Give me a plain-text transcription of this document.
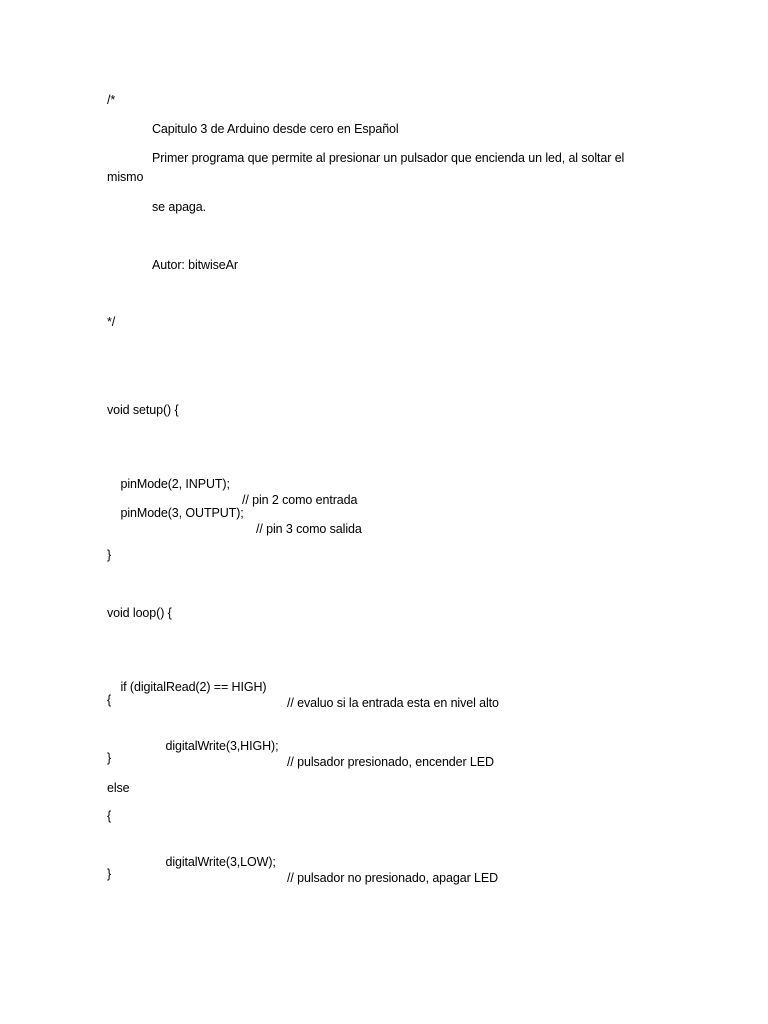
/*
Capitulo 3 de Arduino desde cero en Español
Primer programa que permite al presionar un pulsador que encienda un led, al soltar el mismo
se apaga.
Autor: bitwiseAr
*/
void setup() {

pinMode(2, INPUT);

// pin 2 como entrada

pinMode(3, OUTPUT);

// pin 3 como salida

}
void loop() {

if (digitalRead(2) == HIGH)

// evaluo si la entrada esta en nivel alto

{

digitalWrite(3,HIGH);

// pulsador presionado, encender LED

}
else
{

digitalWrite(3,LOW);

// pulsador no presionado, apagar LED

}
